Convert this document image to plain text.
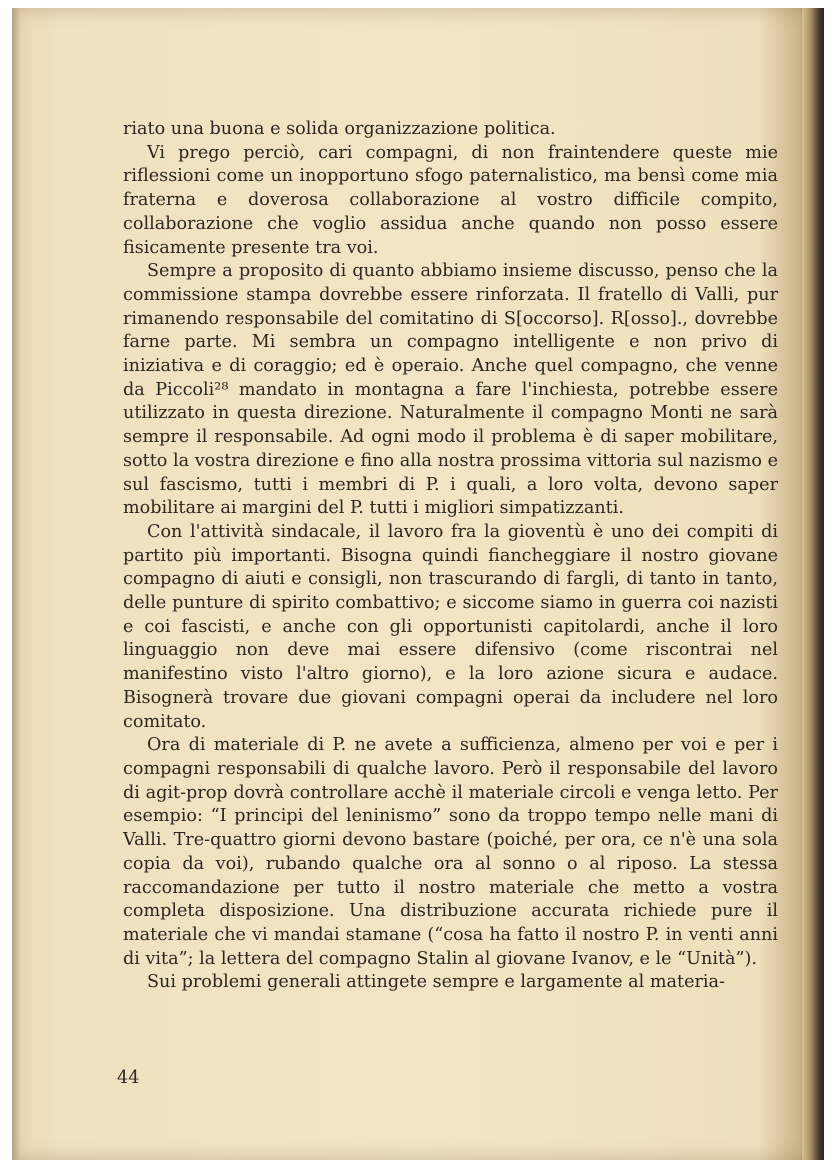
riato una buona e solida organizzazione politica.

Vi prego perciò, cari compagni, di non fraintendere queste mie riflessioni come un inopportuno sfogo paternalistico, ma bensì come mia fraterna e doverosa collaborazione al vostro difficile compito, collaborazione che voglio assidua anche quando non posso essere fisicamente presente tra voi.

Sempre a proposito di quanto abbiamo insieme discusso, penso che la commissione stampa dovrebbe essere rinforzata. Il fratello di Valli, pur rimanendo responsabile del comitatino di S[occorso]. R[osso]., dovrebbe farne parte. Mi sembra un compagno intelligente e non privo di iniziativa e di coraggio; ed è operaio. Anche quel compagno, che venne da Piccoli²⁸ mandato in montagna a fare l'inchiesta, potrebbe essere utilizzato in questa direzione. Naturalmente il compagno Monti ne sarà sempre il responsabile. Ad ogni modo il problema è di saper mobilitare, sotto la vostra direzione e fino alla nostra prossima vittoria sul nazismo e sul fascismo, tutti i membri di P. i quali, a loro volta, devono saper mobilitare ai margini del P. tutti i migliori simpatizzanti.

Con l'attività sindacale, il lavoro fra la gioventù è uno dei compiti di partito più importanti. Bisogna quindi fiancheggiare il nostro giovane compagno di aiuti e consigli, non trascurando di fargli, di tanto in tanto, delle punture di spirito combattivo; e siccome siamo in guerra coi nazisti e coi fascisti, e anche con gli opportunisti capitolardi, anche il loro linguaggio non deve mai essere difensivo (come riscontrai nel manifestino visto l'altro giorno), e la loro azione sicura e audace. Bisognerà trovare due giovani compagni operai da includere nel loro comitato.

Ora di materiale di P. ne avete a sufficienza, almeno per voi e per i compagni responsabili di qualche lavoro. Però il responsabile del lavoro di agit-prop dovrà controllare acchè il materiale circoli e venga letto. Per esempio: “I principi del leninismo” sono da troppo tempo nelle mani di Valli. Tre-quattro giorni devono bastare (poiché, per ora, ce n'è una sola copia da voi), rubando qualche ora al sonno o al riposo. La stessa raccomandazione per tutto il nostro materiale che metto a vostra completa disposizione. Una distribuzione accurata richiede pure il materiale che vi mandai stamane (“cosa ha fatto il nostro P. in venti anni di vita”; la lettera del compagno Stalin al giovane Ivanov, e le “Unità”).

Sui problemi generali attingete sempre e largamente al materia-

44
